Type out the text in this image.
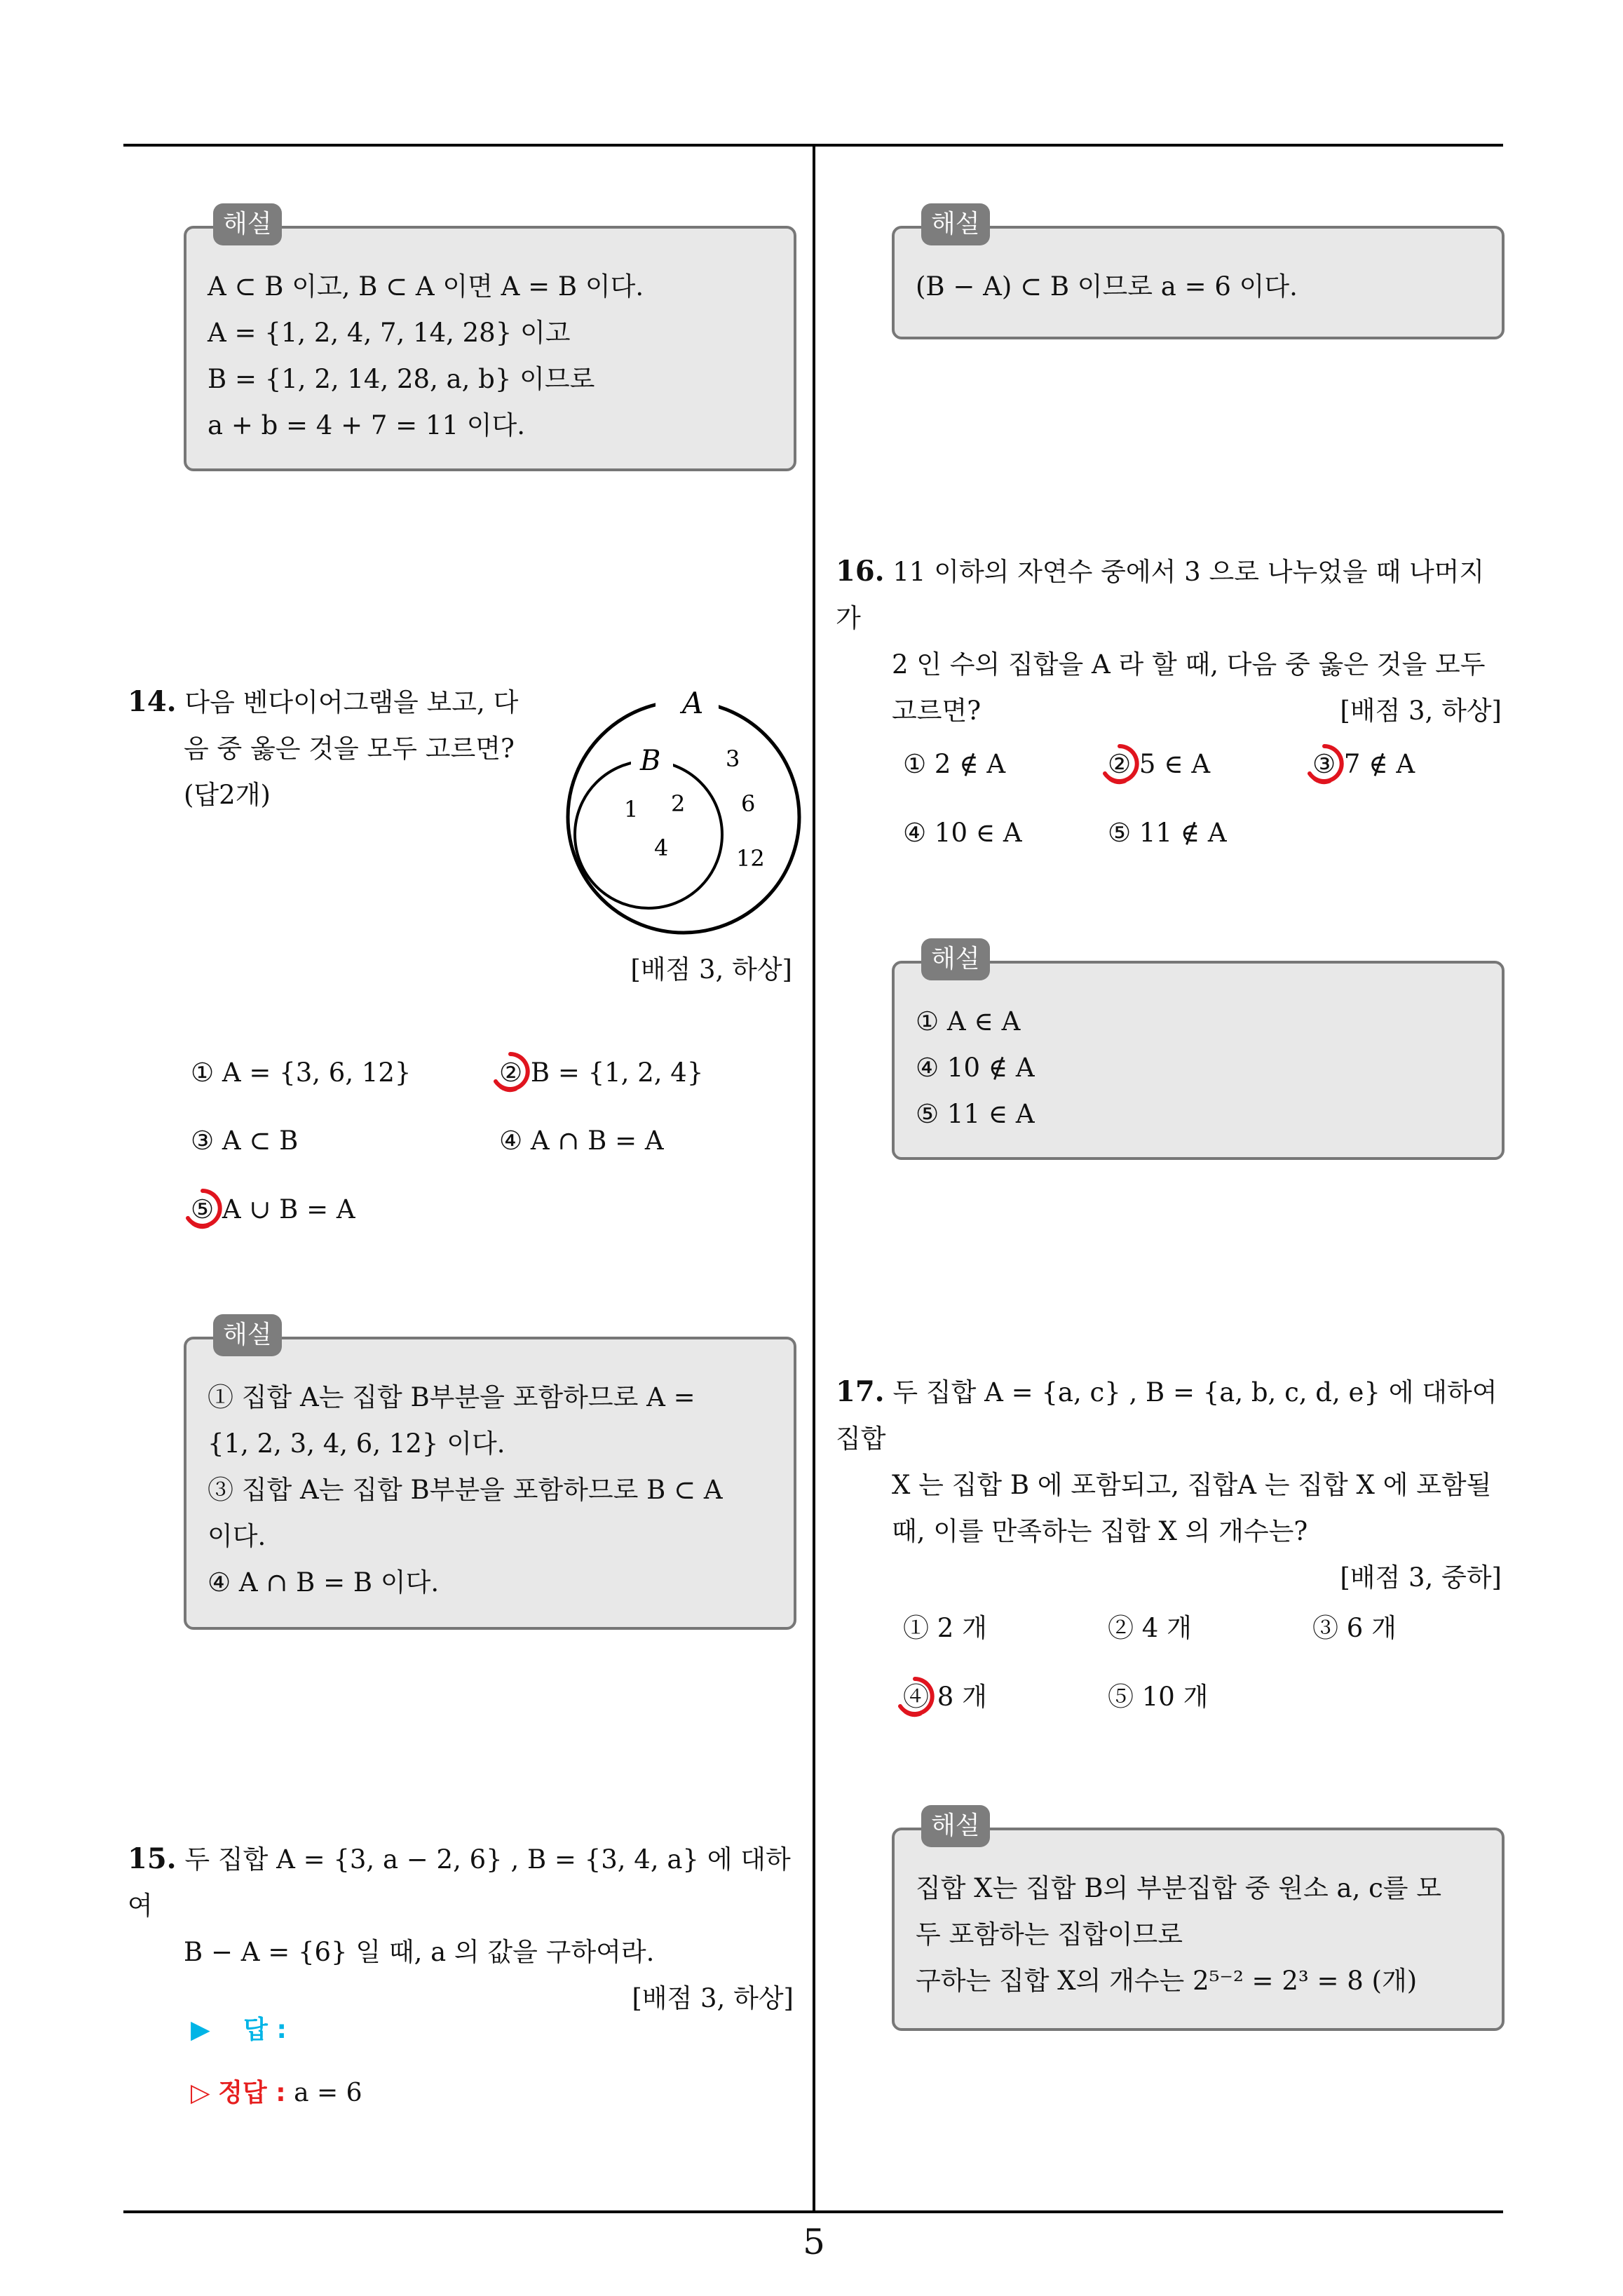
5
해설
A ⊂ B 이고, B ⊂ A 이면 A = B 이다.
A = {1, 2, 4, 7, 14, 28} 이고
B = {1, 2, 14, 28, a, b} 이므로
a + b = 4 + 7 = 11 이다.
14. 다음 벤다이어그램을 보고, 다
음 중 옳은 것을 모두 고르면?
(답2개)
A
B
1 2
4
3
6
12
[배점 3, 하상]
① A = {3, 6, 12}	② B = {1, 2, 4}
③ A ⊂ B	④ A ∩ B = A
⑤ A ∪ B = A
해설
① 집합 A는 집합 B부분을 포함하므로 A =
{1, 2, 3, 4, 6, 12} 이다.
③ 집합 A는 집합 B부분을 포함하므로 B ⊂ A
이다.
④ A ∩ B = B 이다.
15. 두 집합 A = {3, a − 2, 6} , B = {3, 4, a} 에 대하여
B − A = {6} 일 때, a 의 값을 구하여라.
[배점 3, 하상]
▶ 답 :
▷ 정답 : a = 6
해설
(B − A) ⊂ B 이므로 a = 6 이다.
16. 11 이하의 자연수 중에서 3 으로 나누었을 때 나머지가
2 인 수의 집합을 A 라 할 때, 다음 중 옳은 것을 모두
고르면?	[배점 3, 하상]
① 2 ∉ A	② 5 ∈ A	③ 7 ∉ A
④ 10 ∈ A	⑤ 11 ∉ A
해설
① A ∈ A
④ 10 ∉ A
⑤ 11 ∈ A
17. 두 집합 A = {a, c} , B = {a, b, c, d, e} 에 대하여 집합
X 는 집합 B 에 포함되고, 집합A 는 집합 X 에 포함될
때, 이를 만족하는 집합 X 의 개수는?
[배점 3, 중하]
① 2 개	② 4 개	③ 6 개
④ 8 개	⑤ 10 개
해설
집합 X는 집합 B의 부분집합 중 원소 a, c를 모
두 포함하는 집합이므로
구하는 집합 X의 개수는 2⁵⁻² = 2³ = 8 (개)
